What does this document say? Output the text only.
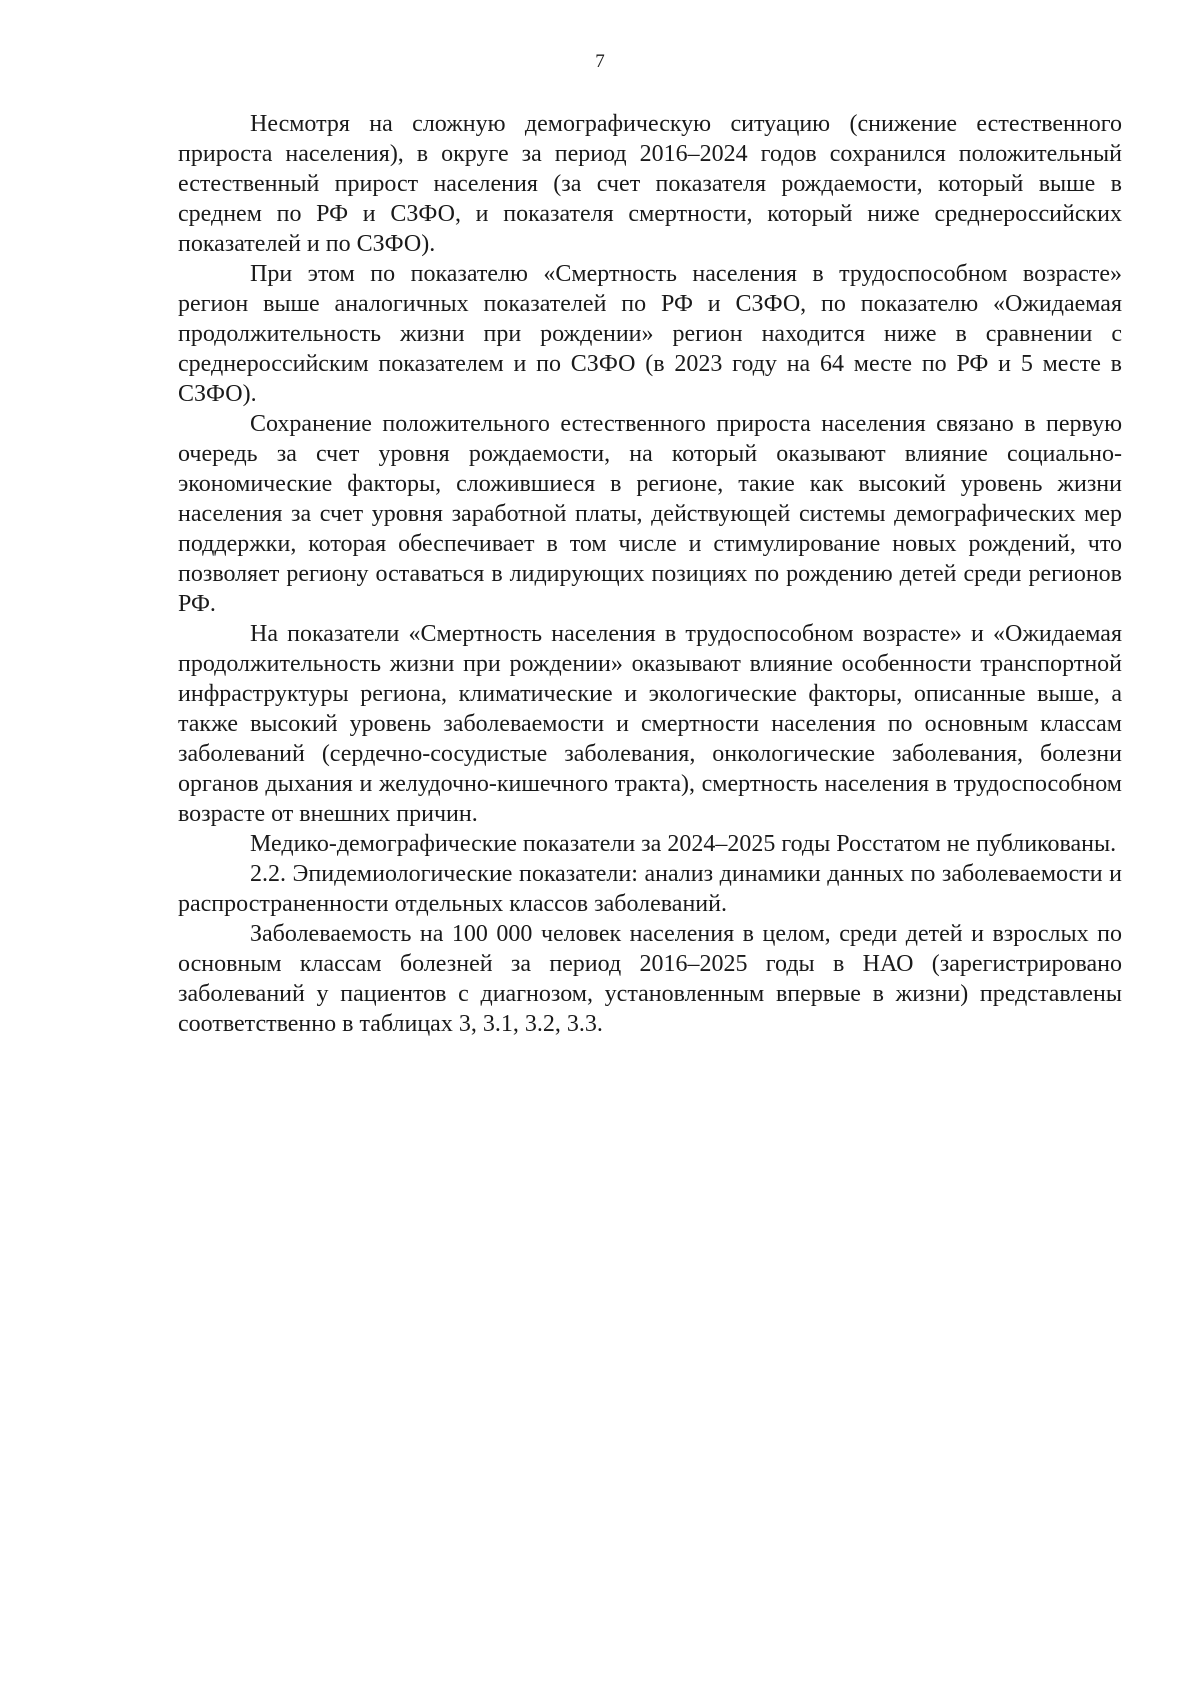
7

Несмотря на сложную демографическую ситуацию (снижение естественного прироста населения), в округе за период 2016–2024 годов сохранился положительный естественный прирост населения (за счет показателя рождаемости, который выше в среднем по РФ и СЗФО, и показателя смертности, который ниже среднероссийских показателей и по СЗФО).

При этом по показателю «Смертность населения в трудоспособном возрасте» регион выше аналогичных показателей по РФ и СЗФО, по показателю «Ожидаемая продолжительность жизни при рождении» регион находится ниже в сравнении с среднероссийским показателем и по СЗФО (в 2023 году на 64 месте по РФ и 5 месте в СЗФО).

Сохранение положительного естественного прироста населения связано в первую очередь за счет уровня рождаемости, на который оказывают влияние социально-экономические факторы, сложившиеся в регионе, такие как высокий уровень жизни населения за счет уровня заработной платы, действующей системы демографических мер поддержки, которая обеспечивает в том числе и стимулирование новых рождений, что позволяет региону оставаться в лидирующих позициях по рождению детей среди регионов РФ.

На показатели «Смертность населения в трудоспособном возрасте» и «Ожидаемая продолжительность жизни при рождении» оказывают влияние особенности транспортной инфраструктуры региона, климатические и экологические факторы, описанные выше, а также высокий уровень заболеваемости и смертности населения по основным классам заболеваний (сердечно-сосудистые заболевания, онкологические заболевания, болезни органов дыхания и желудочно-кишечного тракта), смертность населения в трудоспособном возрасте от внешних причин.

Медико-демографические показатели за 2024–2025 годы Росстатом не публикованы.

2.2. Эпидемиологические показатели: анализ динамики данных по заболеваемости и распространенности отдельных классов заболеваний.

Заболеваемость на 100 000 человек населения в целом, среди детей и взрослых по основным классам болезней за период 2016–2025 годы в НАО (зарегистрировано заболеваний у пациентов с диагнозом, установленным впервые в жизни) представлены соответственно в таблицах 3, 3.1, 3.2, 3.3.
